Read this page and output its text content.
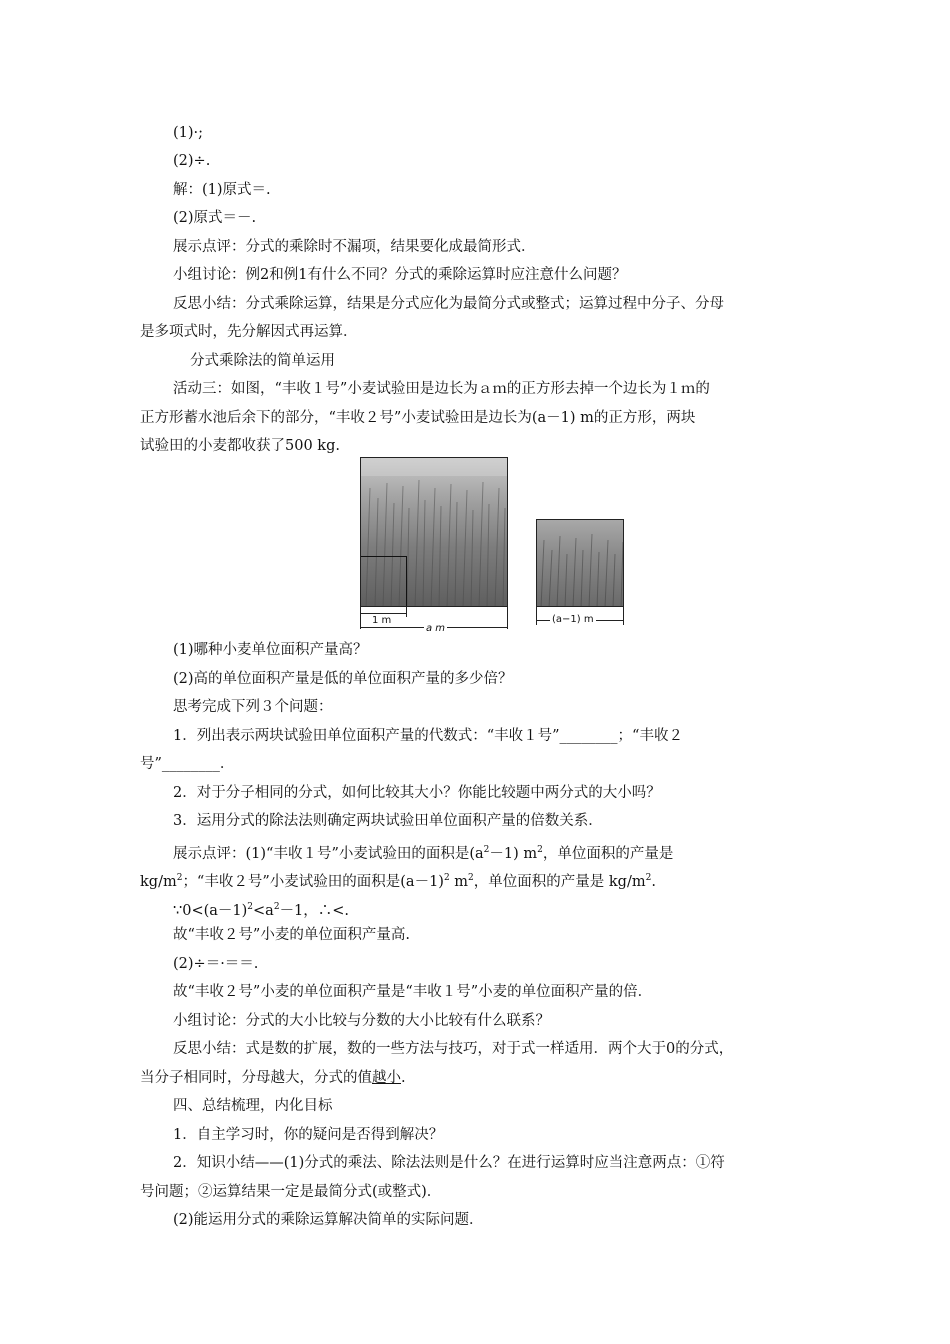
(1)·;
(2)÷.
解：(1)原式＝.
(2)原式＝－.
展示点评：分式的乘除时不漏项，结果要化成最简形式．
小组讨论：例2和例1有什么不同？分式的乘除运算时应注意什么问题？
反思小结：分式乘除运算，结果是分式应化为最简分式或整式；运算过程中分子、分母
是多项式时，先分解因式再运算．
分式乘除法的简单运用
活动三：如图，“丰收１号”小麦试验田是边长为ａｍ的正方形去掉一个边长为１ｍ的
正方形蓄水池后余下的部分，“丰收２号”小麦试验田是边长为(a－1) m的正方形，两块
试验田的小麦都收获了500 kg.
1 m
a m
(a−1) m
(1)哪种小麦单位面积产量高？
(2)高的单位面积产量是低的单位面积产量的多少倍？
思考完成下列３个问题：
1．列出表示两块试验田单位面积产量的代数式：“丰收１号”________；“丰收２
号”________．
2．对于分子相同的分式，如何比较其大小？你能比较题中两分式的大小吗？
3．运用分式的除法法则确定两块试验田单位面积产量的倍数关系．
展示点评：(1)“丰收１号”小麦试验田的面积是$(a^2-1)$ $m^2$，单位面积的产量是
$kg/m^2$；“丰收２号”小麦试验田的面积是$(a-1)^2$ $m^2$，单位面积的产量是 $kg/m^2$.
$\because 0<(a-1)^2<a^2-1$，∴<.
故“丰收２号”小麦的单位面积产量高.
(2)÷＝·＝＝.
故“丰收２号”小麦的单位面积产量是“丰收１号”小麦的单位面积产量的倍．
小组讨论：分式的大小比较与分数的大小比较有什么联系？
反思小结：式是数的扩展，数的一些方法与技巧，对于式一样适用．两个大于0的分式，
当分子相同时，分母越大，分式的值越小.
四、总结梳理，内化目标
1．自主学习时，你的疑问是否得到解决？
2．知识小结——(1)分式的乘法、除法法则是什么？在进行运算时应当注意两点：①符
号问题；②运算结果一定是最简分式(或整式)．
(2)能运用分式的乘除运算解决简单的实际问题．
